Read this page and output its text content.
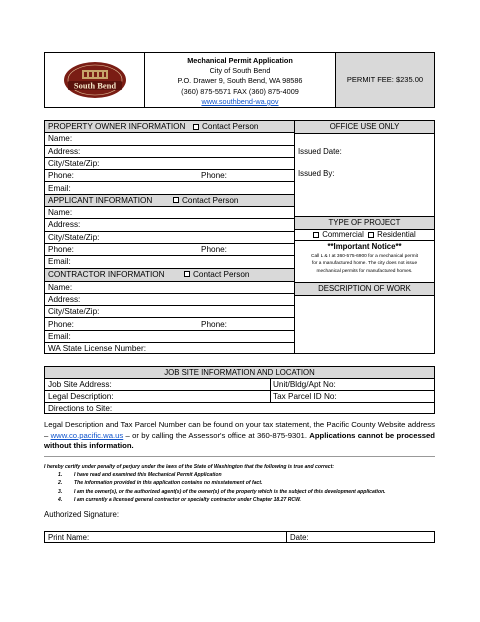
South Bend
Mechanical Permit Application
City of South Bend
P.O. Drawer 9, South Bend, WA 98586
(360) 875-5571 FAX (360) 875-4009
www.southbend-wa.gov
PERMIT FEE: $235.00
PROPERTY OWNER INFORMATION	Contact Person
Name:
Address:
City/State/Zip:
Phone:	Phone:
Email:
APPLICANT INFORMATION	Contact Person
Name:
Address:
City/State/Zip:
Phone:	Phone:
Email:
CONTRACTOR INFORMATION	Contact Person
Name:
Address:
City/State/Zip:
Phone:	Phone:
Email:
WA State License Number:
OFFICE USE ONLY
Issued Date:
Issued By:
TYPE OF PROJECT
Commercial Residential
**Important Notice**
Call L & I at 360-575-6900 for a mechanical permit for a manufactured home. The city does not issue mechanical permits for manufactured homes.
DESCRIPTION OF WORK
JOB SITE INFORMATION AND LOCATION
Job Site Address:	Unit/Bldg/Apt No:
Legal Description:	Tax Parcel ID No:
Directions to Site:
Legal Description and Tax Parcel Number can be found on your tax statement, the Pacific County Website address – www.co.pacific.wa.us – or by calling the Assessor's office at 360-875-9301. Applications cannot be processed without this information.
I hereby certify under penalty of perjury under the laws of the State of Washington that the following is true and correct:
1.	I have read and examined this Mechanical Permit Application
2.	The information provided in this application contains no misstatement of fact.
3.	I am the owner(s), or the authorized agent(s) of the owner(s) of the property which is the subject of this development application.
4.	I am currently a licensed general contractor or specialty contractor under Chapter 18.27 RCW.
Authorized Signature:
Print Name:	Date:
